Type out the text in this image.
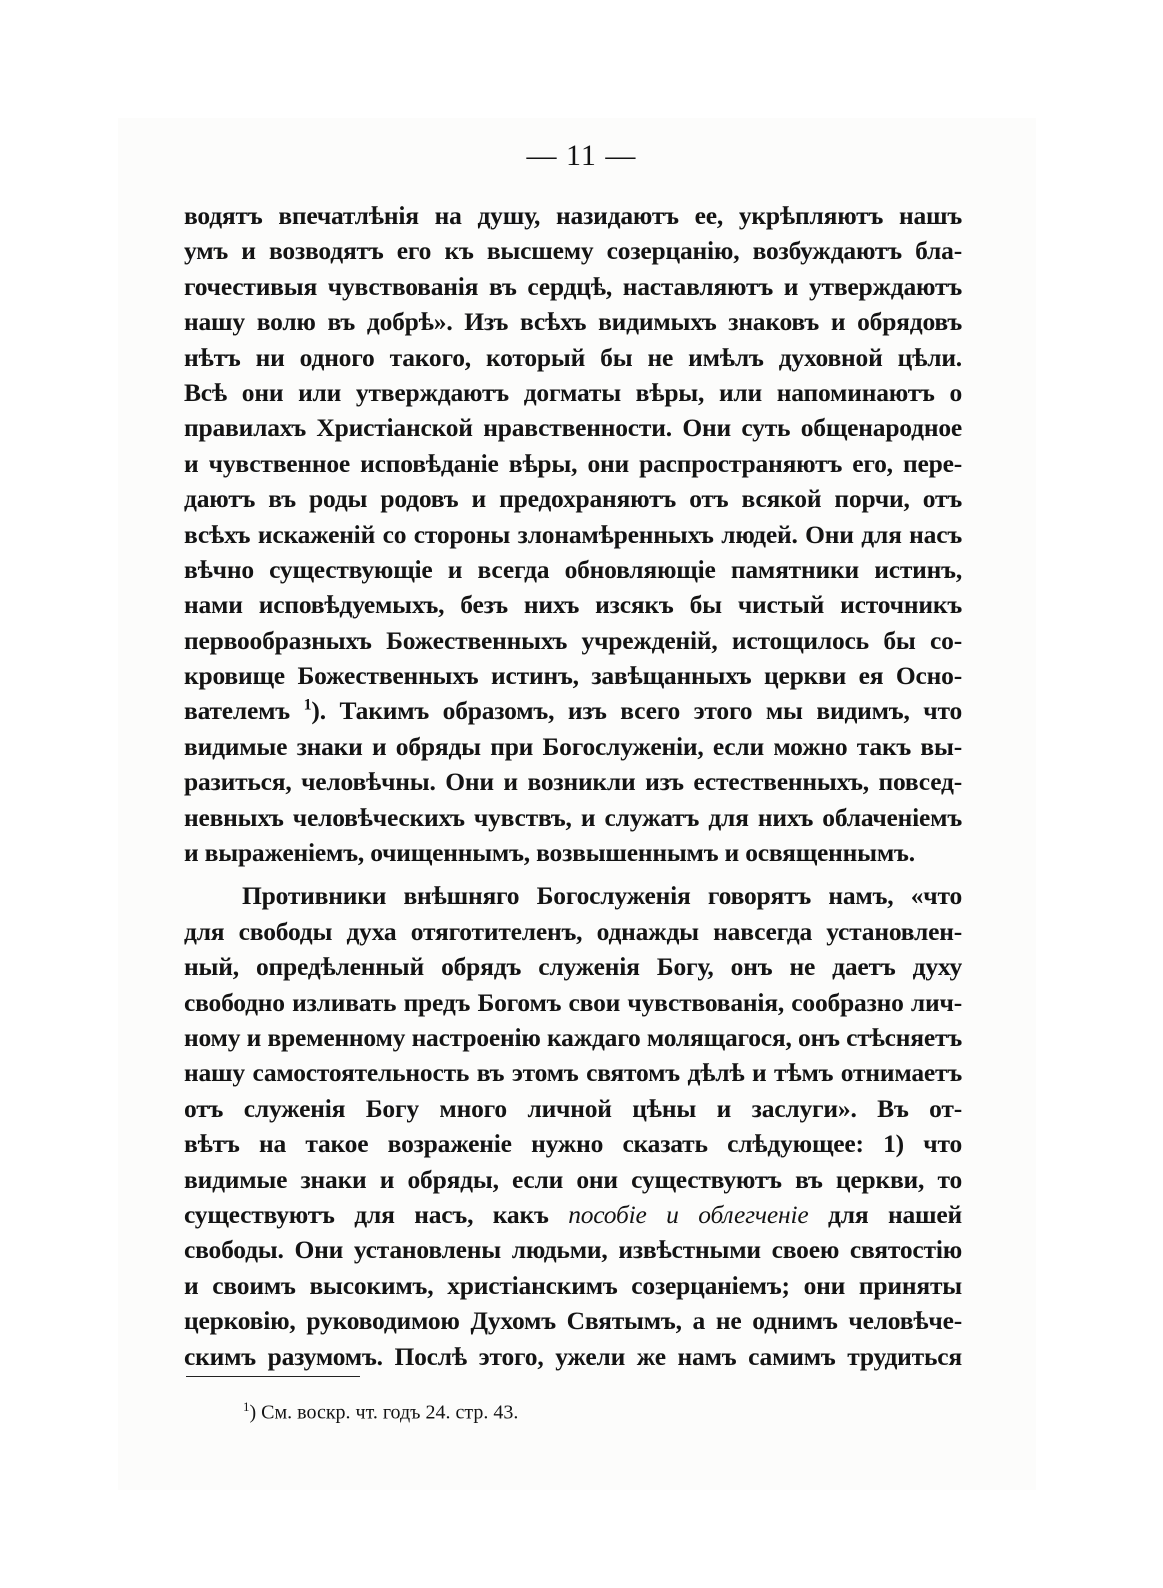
— 11 —
водятъ впечатлѣнія на душу, назидаютъ ее, укрѣпляютъ нашъ
умъ и возводятъ его къ высшему созерцанію, возбуждаютъ бла-
гочестивыя чувствованія въ сердцѣ, наставляютъ и утверждаютъ
нашу волю въ добрѣ». Изъ всѣхъ видимыхъ знаковъ и обрядовъ
нѣтъ ни одного такого, который бы не имѣлъ духовной цѣли.
Всѣ они или утверждаютъ догматы вѣры, или напоминаютъ о
правилахъ Христіанской нравственности. Они суть общенародное
и чувственное исповѣданіе вѣры, они распространяютъ его, пере-
даютъ въ роды родовъ и предохраняютъ отъ всякой порчи, отъ
всѣхъ искаженій со стороны злонамѣренныхъ людей. Они для насъ
вѣчно существующіе и всегда обновляющіе памятники истинъ,
нами исповѣдуемыхъ, безъ нихъ изсякъ бы чистый источникъ
первообразныхъ Божественныхъ учрежденій, истощилось бы со-
кровище Божественныхъ истинъ, завѣщанныхъ церкви ея Осно-
вателемъ $^1$). Такимъ образомъ, изъ всего этого мы видимъ, что
видимые знаки и обряды при Богослуженіи, если можно такъ вы-
разиться, человѣчны. Они и возникли изъ естественныхъ, повсед-
невныхъ человѣческихъ чувствъ, и служатъ для нихъ облаченіемъ
и выраженіемъ, очищеннымъ, возвышеннымъ и освященнымъ.
Противники внѣшняго Богослуженія говорятъ намъ, «что
для свободы духа отяготителенъ, однажды навсегда установлен-
ный, опредѣленный обрядъ служенія Богу, онъ не даетъ духу
свободно изливать предъ Богомъ свои чувствованія, сообразно лич-
ному и временному настроенію каждаго молящагося, онъ стѣсняетъ
нашу самостоятельность въ этомъ святомъ дѣлѣ и тѣмъ отнимаетъ
отъ служенія Богу много личной цѣны и заслуги». Въ от-
вѣтъ на такое возраженіе нужно сказать слѣдующее: 1) что
видимые знаки и обряды, если они существуютъ въ церкви, то
существуютъ для насъ, какъ пособіе и облегченіе для нашей
свободы. Они установлены людьми, извѣстными своею святостію
и своимъ высокимъ, христіанскимъ созерцаніемъ; они приняты
церковію, руководимою Духомъ Святымъ, а не однимъ человѣче-
скимъ разумомъ. Послѣ этого, ужели же намъ самимъ трудиться
$^1$) См. воскр. чт. годъ 24. стр. 43.
